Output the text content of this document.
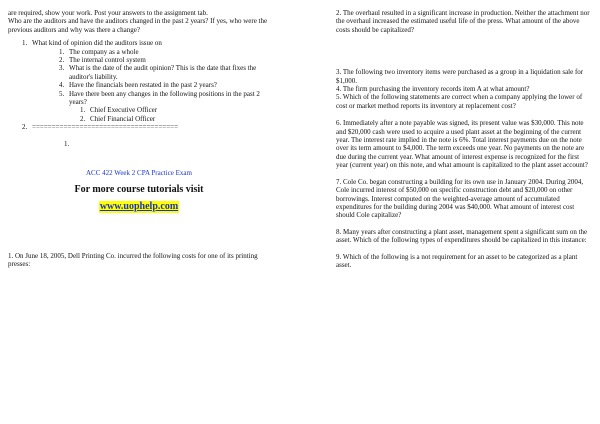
are required, show your work. Post your answers to the assignment tab.

Who are the auditors and have the auditors changed in the past 2 years? If yes, who were the previous auditors and why was there a change?

1. What kind of opinion did the auditors issue on
1. The company as a whole
2. The internal control system
3. What is the date of the audit opinion? This is the date that fixes the auditor's liability.
4. Have the financials been restated in the past 2 years?
5. Have there been any changes in the following positions in the past 2 years?
1. Chief Executive Officer
2. Chief Financial Officer
2. =====================================

1.

ACC 422 Week 2 CPA Practice Exam

For more course tutorials visit

www.uophelp.com

1. On June 18, 2005, Dell Printing Co. incurred the following costs for one of its printing presses:

2. The overhaul resulted in a significant increase in production. Neither the attachment nor the overhaul increased the estimated useful life of the press. What amount of the above costs should be capitalized?

3. The following two inventory items were purchased as a group in a liquidation sale for $1,000.

4. The firm purchasing the inventory records item A at what amount?

5. Which of the following statements are correct when a company applying the lower of cost or market method reports its inventory at replacement cost?

6. Immediately after a note payable was signed, its present value was $30,000. This note and $20,000 cash were used to acquire a used plant asset at the beginning of the current year. The interest rate implied in the note is 6%. Total interest payments due on the note over its term amount to $4,000. The term exceeds one year. No payments on the note are due during the current year. What amount of interest expense is recognized for the first year (current year) on this note, and what amount is capitalized to the plant asset account?

7. Cole Co. began constructing a building for its own use in January 2004. During 2004, Cole incurred interest of $50,000 on specific construction debt and $20,000 on other borrowings. Interest computed on the weighted-average amount of accumulated expenditures for the building during 2004 was $40,000. What amount of interest cost should Cole capitalize?

8. Many years after constructing a plant asset, management spent a significant sum on the asset. Which of the following types of expenditures should be capitalized in this instance:

9. Which of the following is a not requirement for an asset to be categorized as a plant asset.
